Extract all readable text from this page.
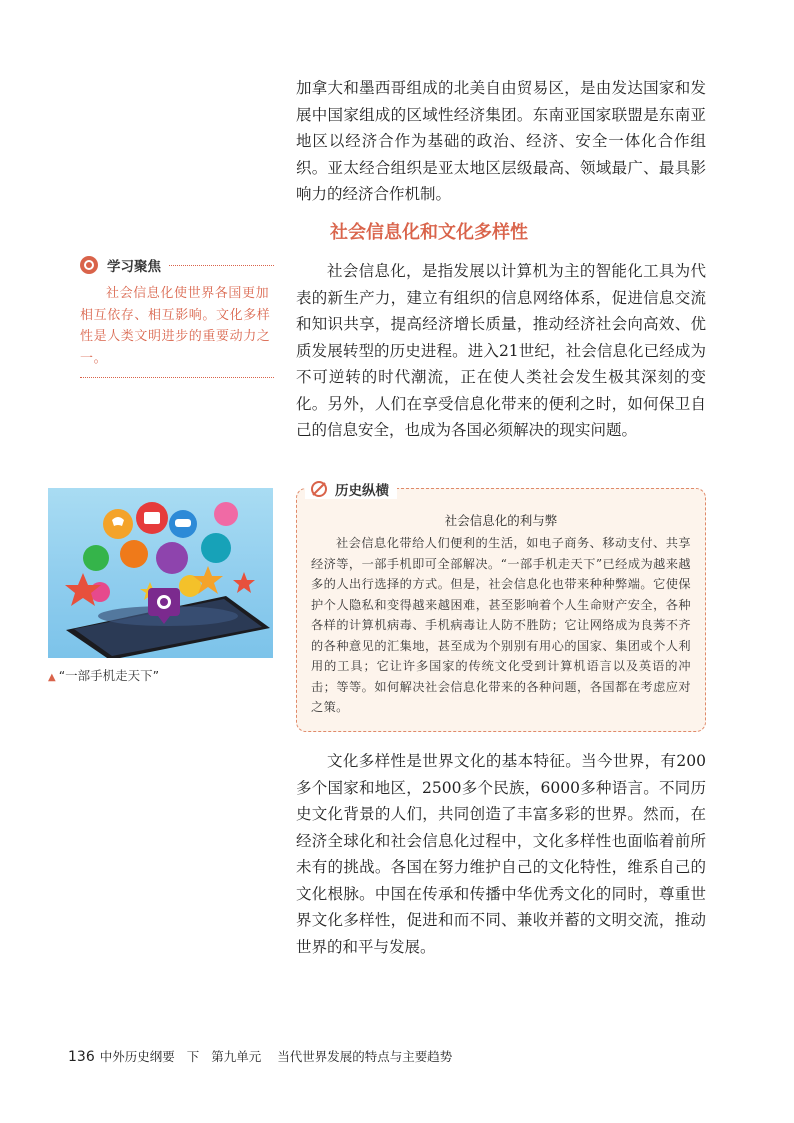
加拿大和墨西哥组成的北美自由贸易区，是由发达国家和发展中国家组成的区域性经济集团。东南亚国家联盟是东南亚地区以经济合作为基础的政治、经济、安全一体化合作组织。亚太经合组织是亚太地区层级最高、领域最广、最具影响力的经济合作机制。

社会信息化和文化多样性

社会信息化，是指发展以计算机为主的智能化工具为代表的新生产力，建立有组织的信息网络体系，促进信息交流和知识共享，提高经济增长质量，推动经济社会向高效、优质发展转型的历史进程。进入21世纪，社会信息化已经成为不可逆转的时代潮流，正在使人类社会发生极其深刻的变化。另外，人们在享受信息化带来的便利之时，如何保卫自己的信息安全，也成为各国必须解决的现实问题。

学习聚焦

社会信息化使世界各国更加相互依存、相互影响。文化多样性是人类文明进步的重要动力之一。

▲ “一部手机走天下”

历史纵横

社会信息化的利与弊

社会信息化带给人们便利的生活，如电子商务、移动支付、共享经济等，一部手机即可全部解决。“一部手机走天下”已经成为越来越多的人出行选择的方式。但是，社会信息化也带来种种弊端。它使保护个人隐私和变得越来越困难，甚至影响着个人生命财产安全，各种各样的计算机病毒、手机病毒让人防不胜防；它让网络成为良莠不齐的各种意见的汇集地，甚至成为个别别有用心的国家、集团或个人利用的工具；它让许多国家的传统文化受到计算机语言以及英语的冲击；等等。如何解决社会信息化带来的各种问题，各国都在考虑应对之策。

文化多样性是世界文化的基本特征。当今世界，有200多个国家和地区，2500多个民族，6000多种语言。不同历史文化背景的人们，共同创造了丰富多彩的世界。然而，在经济全球化和社会信息化过程中，文化多样性也面临着前所未有的挑战。各国在努力维护自己的文化特性，维系自己的文化根脉。中国在传承和传播中华优秀文化的同时，尊重世界文化多样性，促进和而不同、兼收并蓄的文明交流，推动世界的和平与发展。

136 中外历史纲要 下 第九单元 当代世界发展的特点与主要趋势
